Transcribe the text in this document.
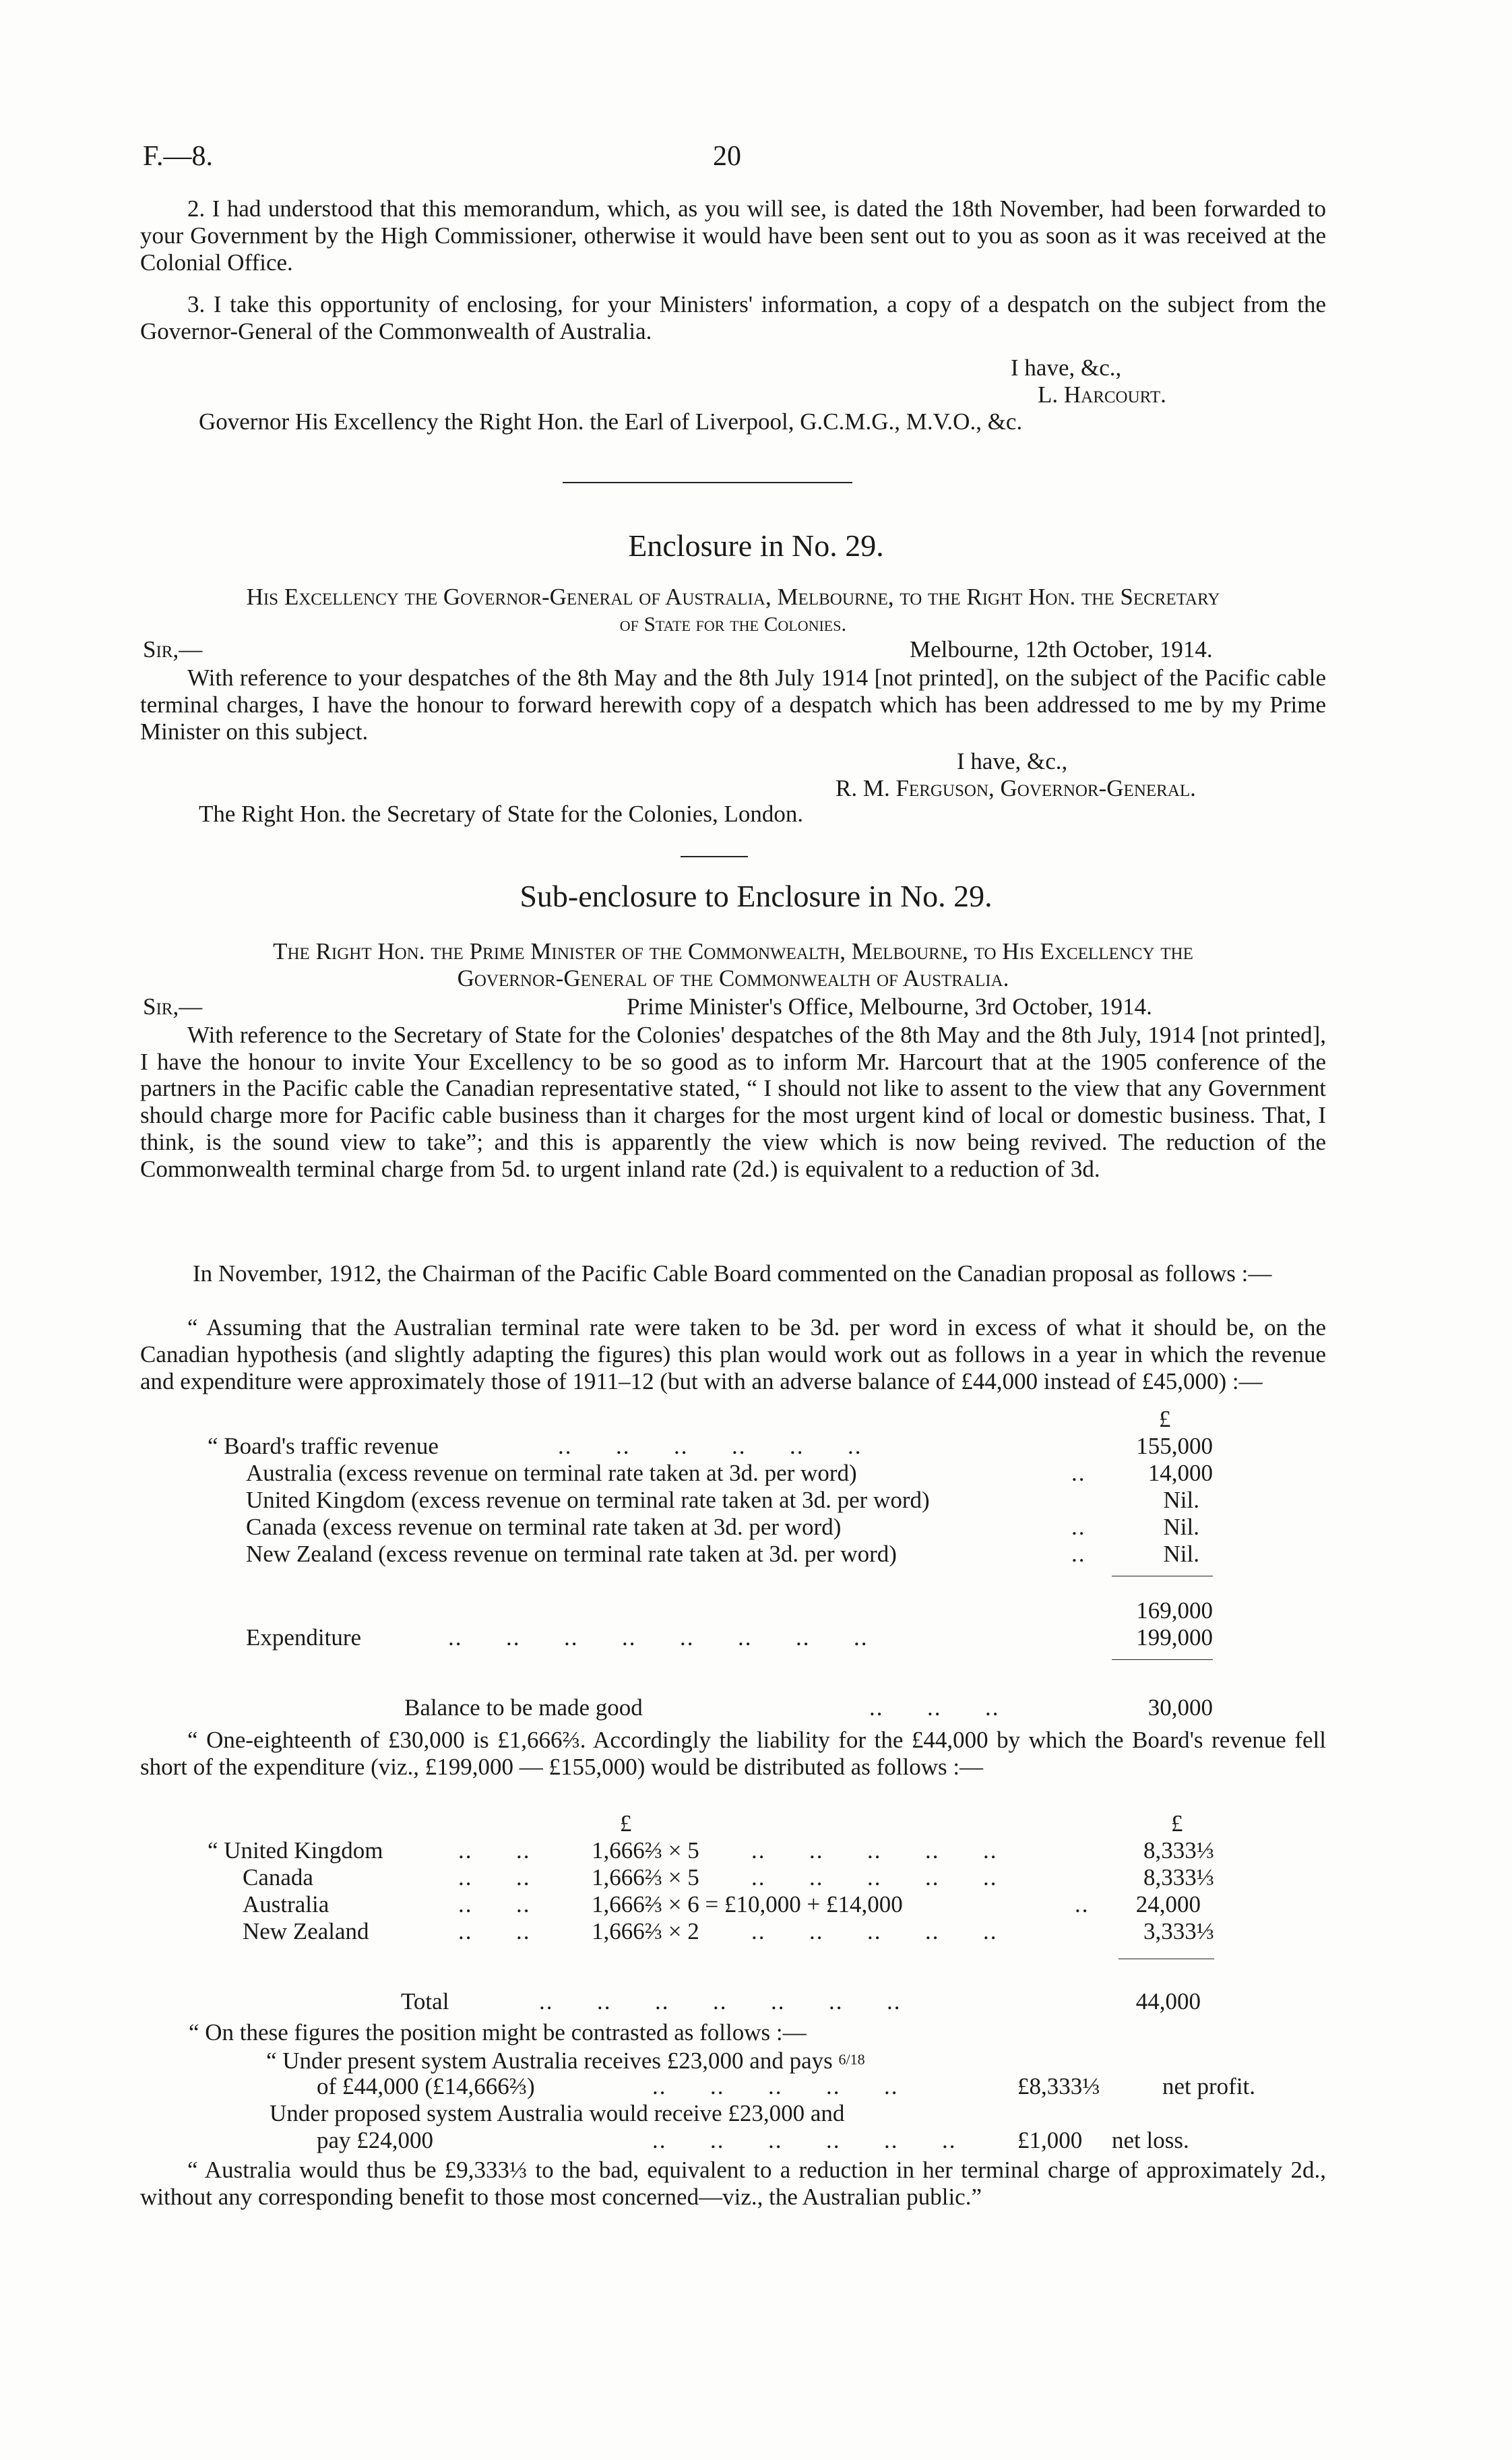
F.—8.	20
2. I had understood that this memorandum, which, as you will see, is dated the 18th November, had been forwarded to your Government by the High Commissioner, otherwise it would have been sent out to you as soon as it was received at the Colonial Office.
3. I take this opportunity of enclosing, for your Ministers' information, a copy of a despatch on the subject from the Governor-General of the Commonwealth of Australia.
I have, &c.,
L. Harcourt.
Governor His Excellency the Right Hon. the Earl of Liverpool, G.C.M.G., M.V.O., &c.
Enclosure in No. 29.
His Excellency the Governor-General of Australia, Melbourne, to the Right Hon. the Secretary
of State for the Colonies.
Sir,—	Melbourne, 12th October, 1914.
With reference to your despatches of the 8th May and the 8th July 1914 [not printed], on the subject of the Pacific cable terminal charges, I have the honour to forward herewith copy of a despatch which has been addressed to me by my Prime Minister on this subject.
I have, &c.,
R. M. Ferguson, Governor-General.
The Right Hon. the Secretary of State for the Colonies, London.
Sub-enclosure to Enclosure in No. 29.
The Right Hon. the Prime Minister of the Commonwealth, Melbourne, to His Excellency the
Governor-General of the Commonwealth of Australia.
Sir,—	Prime Minister's Office, Melbourne, 3rd October, 1914.
With reference to the Secretary of State for the Colonies' despatches of the 8th May and the 8th July, 1914 [not printed], I have the honour to invite Your Excellency to be so good as to inform Mr. Harcourt that at the 1905 conference of the partners in the Pacific cable the Canadian representative stated, “ I should not like to assent to the view that any Government should charge more for Pacific cable business than it charges for the most urgent kind of local or domestic business. That, I think, is the sound view to take”; and this is apparently the view which is now being revived. The reduction of the Commonwealth terminal charge from 5d. to urgent inland rate (2d.) is equivalent to a reduction of 3d.
In November, 1912, the Chairman of the Pacific Cable Board commented on the Canadian proposal as follows :—
“ Assuming that the Australian terminal rate were taken to be 3d. per word in excess of what it should be, on the Canadian hypothesis (and slightly adapting the figures) this plan would work out as follows in a year in which the revenue and expenditure were approximately those of 1911–12 (but with an adverse balance of £44,000 instead of £45,000) :—
£
“ Board's traffic revenue	..      ..      ..      ..      ..      ..	155,000
Australia (excess revenue on terminal rate taken at 3d. per word)	..	14,000
United Kingdom (excess revenue on terminal rate taken at 3d. per word)	Nil.
Canada (excess revenue on terminal rate taken at 3d. per word)	..	Nil.
New Zealand (excess revenue on terminal rate taken at 3d. per word)	..	Nil.
169,000
Expenditure	..      ..      ..      ..      ..      ..      ..      ..	199,000
Balance to be made good	..      ..      ..	30,000
“ One-eighteenth of £30,000 is £1,666⅔. Accordingly the liability for the £44,000 by which the Board's revenue fell short of the expenditure (viz., £199,000 — £155,000) would be distributed as follows :—
£	£
“ United Kingdom	..      ..	1,666⅔ × 5 ..      ..      ..      ..      ..	8,333⅓
Canada	..      ..	1,666⅔ × 5 ..      ..      ..      ..      ..	8,333⅓
Australia	..      ..	1,666⅔ × 6 = £10,000 + £14,000	..	24,000
New Zealand	..      ..	1,666⅔ × 2 ..      ..      ..      ..      ..	3,333⅓
Total	..      ..      ..      ..      ..      ..      ..	44,000
“ On these figures the position might be contrasted as follows :—
“ Under present system Australia receives £23,000 and pays 6/18
of £44,000 (£14,666⅔)	..      ..      ..      ..      ..	£8,333⅓	net profit.
Under proposed system Australia would receive £23,000 and
pay £24,000	..      ..      ..      ..      ..      ..	£1,000 net loss.
“ Australia would thus be £9,333⅓ to the bad, equivalent to a reduction in her terminal charge of approximately 2d., without any corresponding benefit to those most concerned—viz., the Australian public.”
